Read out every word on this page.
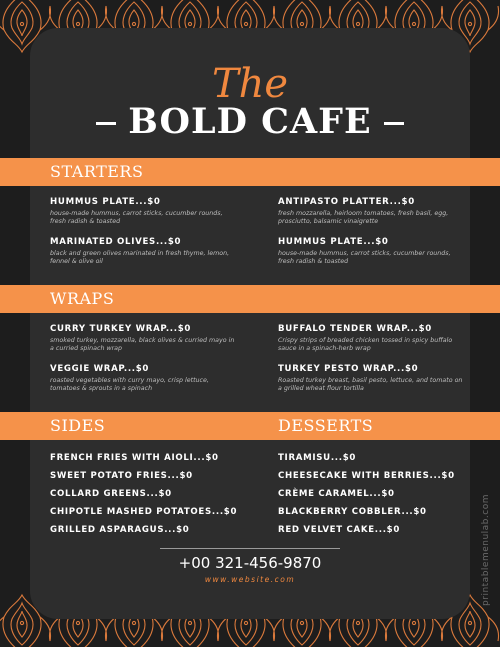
The
BOLD CAFE
STARTERS
HUMMUS PLATE...$0
house-made hummus, carrot sticks, cucumber rounds, fresh radish & toasted
MARINATED OLIVES...$0
black and green olives marinated in fresh thyme, lemon, fennel & olive oil
ANTIPASTO PLATTER...$0
fresh mozzarella, heirloom tomatoes, fresh basil, egg, prosciutto, balsamic vinaigrette
HUMMUS PLATE...$0
house-made hummus, carrot sticks, cucumber rounds, fresh radish & toasted
WRAPS
CURRY TURKEY WRAP...$0
smoked turkey, mozzarella, black olives & curried mayo in a curried spinach wrap
VEGGIE WRAP...$0
roasted vegetables with curry mayo, crisp lettuce, tomatoes & sprouts in a spinach
BUFFALO TENDER WRAP...$0
Crispy strips of breaded chicken tossed in spicy buffalo sauce in a spinach-herb wrap
TURKEY PESTO WRAP...$0
Roasted turkey breast, basil pesto, lettuce, and tomato on a grilled wheat flour tortilla
SIDES	DESSERTS
FRENCH FRIES WITH AIOLI...$0
SWEET POTATO FRIES...$0
COLLARD GREENS...$0
CHIPOTLE MASHED POTATOES...$0
GRILLED ASPARAGUS...$0
TIRAMISU...$0
CHEESECAKE WITH BERRIES...$0
CRÈME CARAMEL...$0
BLACKBERRY COBBLER...$0
RED VELVET CAKE...$0
+00 321-456-9870
www.website.com	printablemenulab.com
